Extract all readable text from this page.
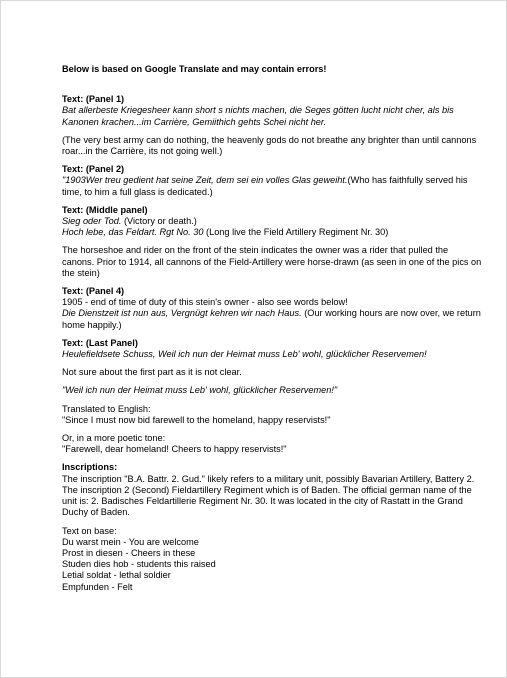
Below is based on Google Translate and may contain errors!
Text: (Panel 1)
Bat allerbeste Kriegesheer kann short s nichts machen, die Seges götten lucht nicht cher, als bis Kanonen krachen...im Carrière, Gemiithich gehts Schei nicht her.
(The very best army can do nothing, the heavenly gods do not breathe any brighter than until cannons roar...in the Carrière, its not going well.)
Text: (Panel 2)
"1903Wer treu gedient hat seine Zeit, dem sei ein volles Glas geweiht.(Who has faithfully served his time, to him a full glass is dedicated.)
Text: (Middle panel)
Sieg oder Tod. (Victory or death.)
Hoch lebe, das Feldart. Rgt No. 30 (Long live the Field Artillery Regiment Nr. 30)
The horseshoe and rider on the front of the stein indicates the owner was a rider that pulled the canons. Prior to 1914, all cannons of the Field-Artillery were horse-drawn (as seen in one of the pics on the stein)
Text: (Panel 4)
1905 - end of time of duty of this stein's owner - also see words below!
Die Dienstzeit ist nun aus, Vergnügt kehren wir nach Haus. (Our working hours are now over, we return home happily.)
Text: (Last Panel)
Heulefieldsete Schuss, Weil ich nun der Heimat muss Leb' wohl, glücklicher Reservemen!
Not sure about the first part as it is not clear.
"Weil ich nun der Heimat muss Leb' wohl, glücklicher Reservemen!"
Translated to English:
"Since I must now bid farewell to the homeland, happy reservists!"
Or, in a more poetic tone:
"Farewell, dear homeland! Cheers to happy reservists!"
Inscriptions:
The inscription "B.A. Battr. 2. Gud." likely refers to a military unit, possibly Bavarian Artillery, Battery 2.
The inscription 2 (Second) Fieldartillery Regiment which is of Baden. The official german name of the unit is: 2. Badisches Feldartillerie Regiment Nr. 30. It was located in the city of Rastatt in the Grand Duchy of Baden.
Text on base:
Du warst mein - You are welcome
Prost in diesen - Cheers in these
Studen dies hob - students this raised
Letial soldat - lethal soldier
Empfunden - Felt
